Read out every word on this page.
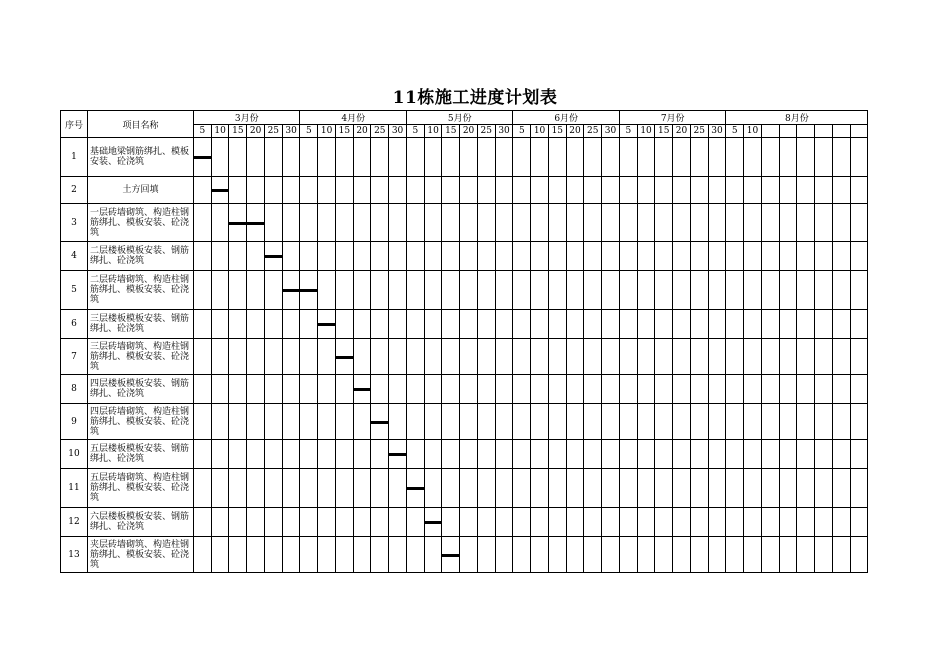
11栋施工进度计划表
序号	项目名称	3月份						4月份						5月份						6月份						7月份						8月份							
		5	10	15	20	25	30	5	10	15	20	25	30	5	10	15	20	25	30	5	10	15	20	25	30	5	10	15	20	25	30	5	10						
1	基础地梁钢筋绑扎、模板安装、砼浇筑																																						

2	土方回填																																						

3	一层砖墙砌筑、构造柱钢筋绑扎、模板安装、砼浇筑																																						

4	二层楼板模板安装、钢筋绑扎、砼浇筑																																						

5	二层砖墙砌筑、构造柱钢筋绑扎、模板安装、砼浇筑																																						

6	三层楼板模板安装、钢筋绑扎、砼浇筑																																						

7	三层砖墙砌筑、构造柱钢筋绑扎、模板安装、砼浇筑																																						

8	四层楼板模板安装、钢筋绑扎、砼浇筑																																						

9	四层砖墙砌筑、构造柱钢筋绑扎、模板安装、砼浇筑																																						

10	五层楼板模板安装、钢筋绑扎、砼浇筑																																						

11	五层砖墙砌筑、构造柱钢筋绑扎、模板安装、砼浇筑																																						

12	六层楼板模板安装、钢筋绑扎、砼浇筑																																						

13	夹层砖墙砌筑、构造柱钢筋绑扎、模板安装、砼浇筑																																						
